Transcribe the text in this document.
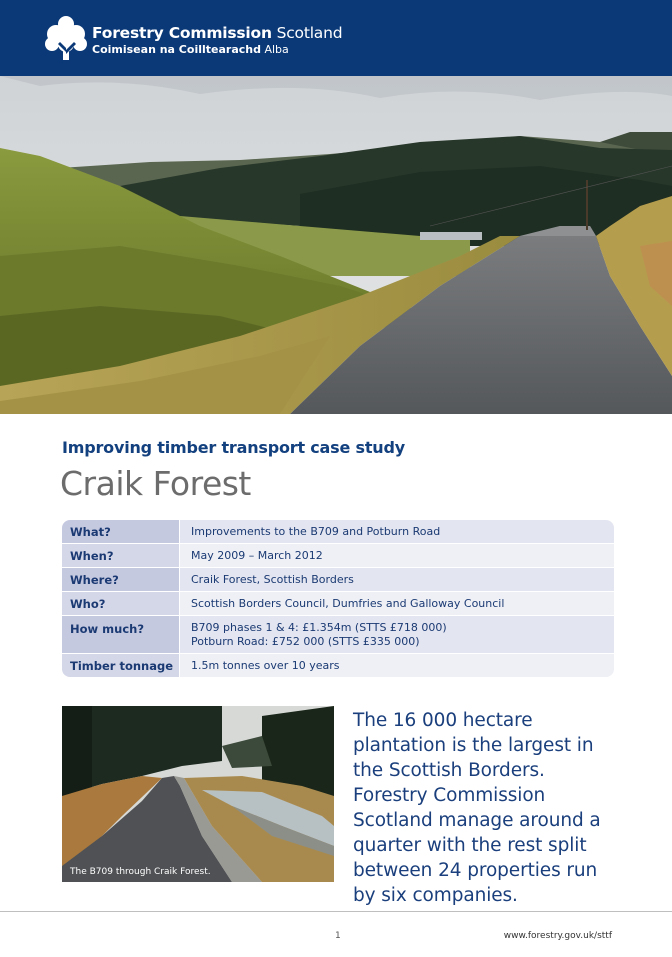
Forestry Commission Scotland
Coimisean na Coilltearachd Alba
Improving timber transport case study
Craik Forest
What?	Improvements to the B709 and Potburn Road
When?	May 2009 – March 2012
Where?	Craik Forest, Scottish Borders
Who?	Scottish Borders Council, Dumfries and Galloway Council
How much?	B709 phases 1 & 4: £1.354m (STTS £718 000)
Potburn Road: £752 000 (STTS £335 000)
Timber tonnage	1.5m tonnes over 10 years
The B709 through Craik Forest.

The 16 000 hectare plantation is the largest in the Scottish Borders. Forestry Commission Scotland manage around a quarter with the rest split between 24 properties run by six companies.

1	www.forestry.gov.uk/sttf
